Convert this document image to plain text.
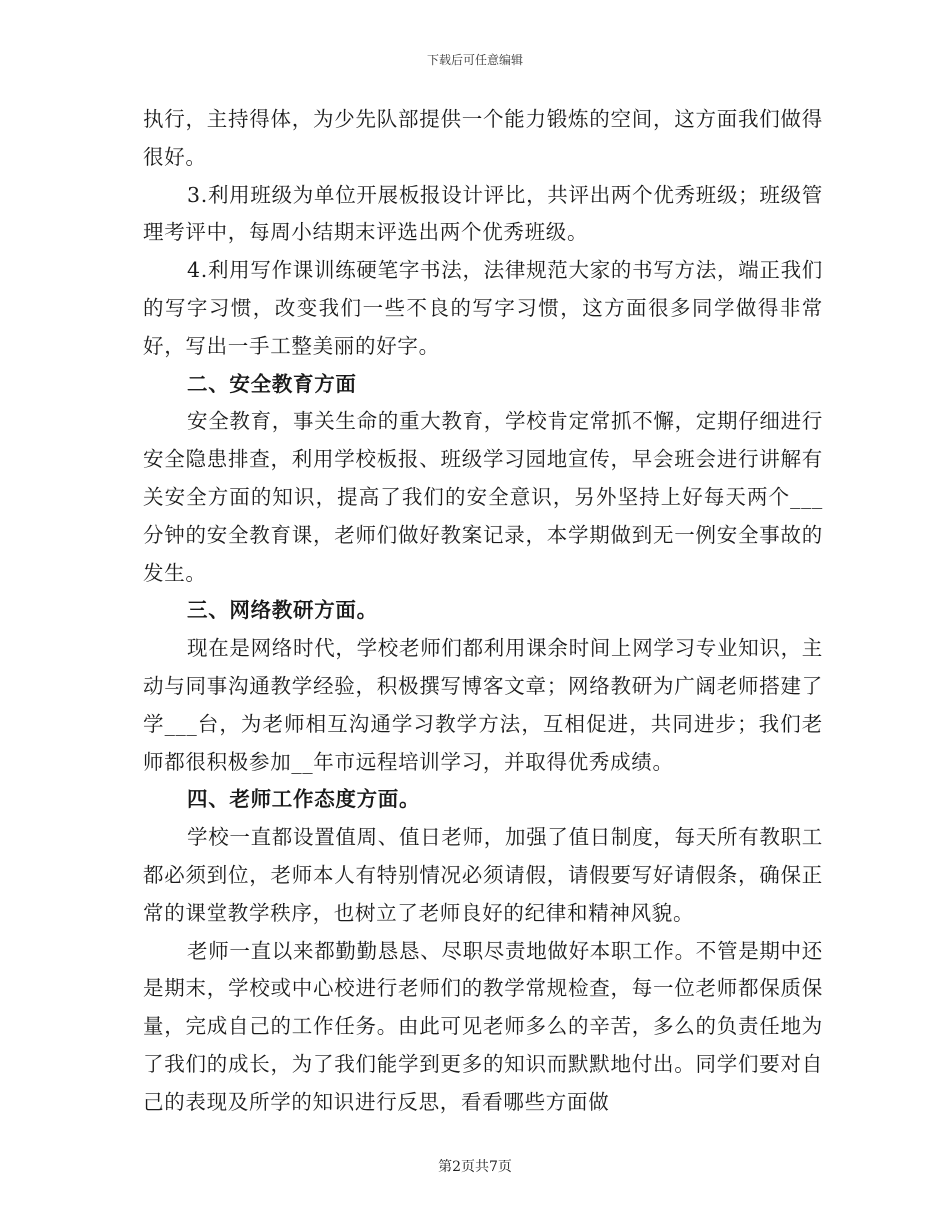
下载后可任意编辑

执行，主持得体，为少先队部提供一个能力锻炼的空间，这方面我们做得很好。

3.利用班级为单位开展板报设计评比，共评出两个优秀班级；班级管理考评中，每周小结期末评选出两个优秀班级。

4.利用写作课训练硬笔字书法，法律规范大家的书写方法，端正我们的写字习惯，改变我们一些不良的写字习惯，这方面很多同学做得非常好，写出一手工整美丽的好字。

二、安全教育方面

安全教育，事关生命的重大教育，学校肯定常抓不懈，定期仔细进行安全隐患排查，利用学校板报、班级学习园地宣传，早会班会进行讲解有关安全方面的知识，提高了我们的安全意识，另外坚持上好每天两个___分钟的安全教育课，老师们做好教案记录，本学期做到无一例安全事故的发生。

三、网络教研方面。

现在是网络时代，学校老师们都利用课余时间上网学习专业知识，主动与同事沟通教学经验，积极撰写博客文章；网络教研为广阔老师搭建了学___台，为老师相互沟通学习教学方法，互相促进，共同进步；我们老师都很积极参加__年市远程培训学习，并取得优秀成绩。

四、老师工作态度方面。

学校一直都设置值周、值日老师，加强了值日制度，每天所有教职工都必须到位，老师本人有特别情况必须请假，请假要写好请假条，确保正常的课堂教学秩序，也树立了老师良好的纪律和精神风貌。

老师一直以来都勤勤恳恳、尽职尽责地做好本职工作。不管是期中还是期末，学校或中心校进行老师们的教学常规检查，每一位老师都保质保量，完成自己的工作任务。由此可见老师多么的辛苦，多么的负责任地为了我们的成长，为了我们能学到更多的知识而默默地付出。同学们要对自己的表现及所学的知识进行反思，看看哪些方面做

第2页共7页
